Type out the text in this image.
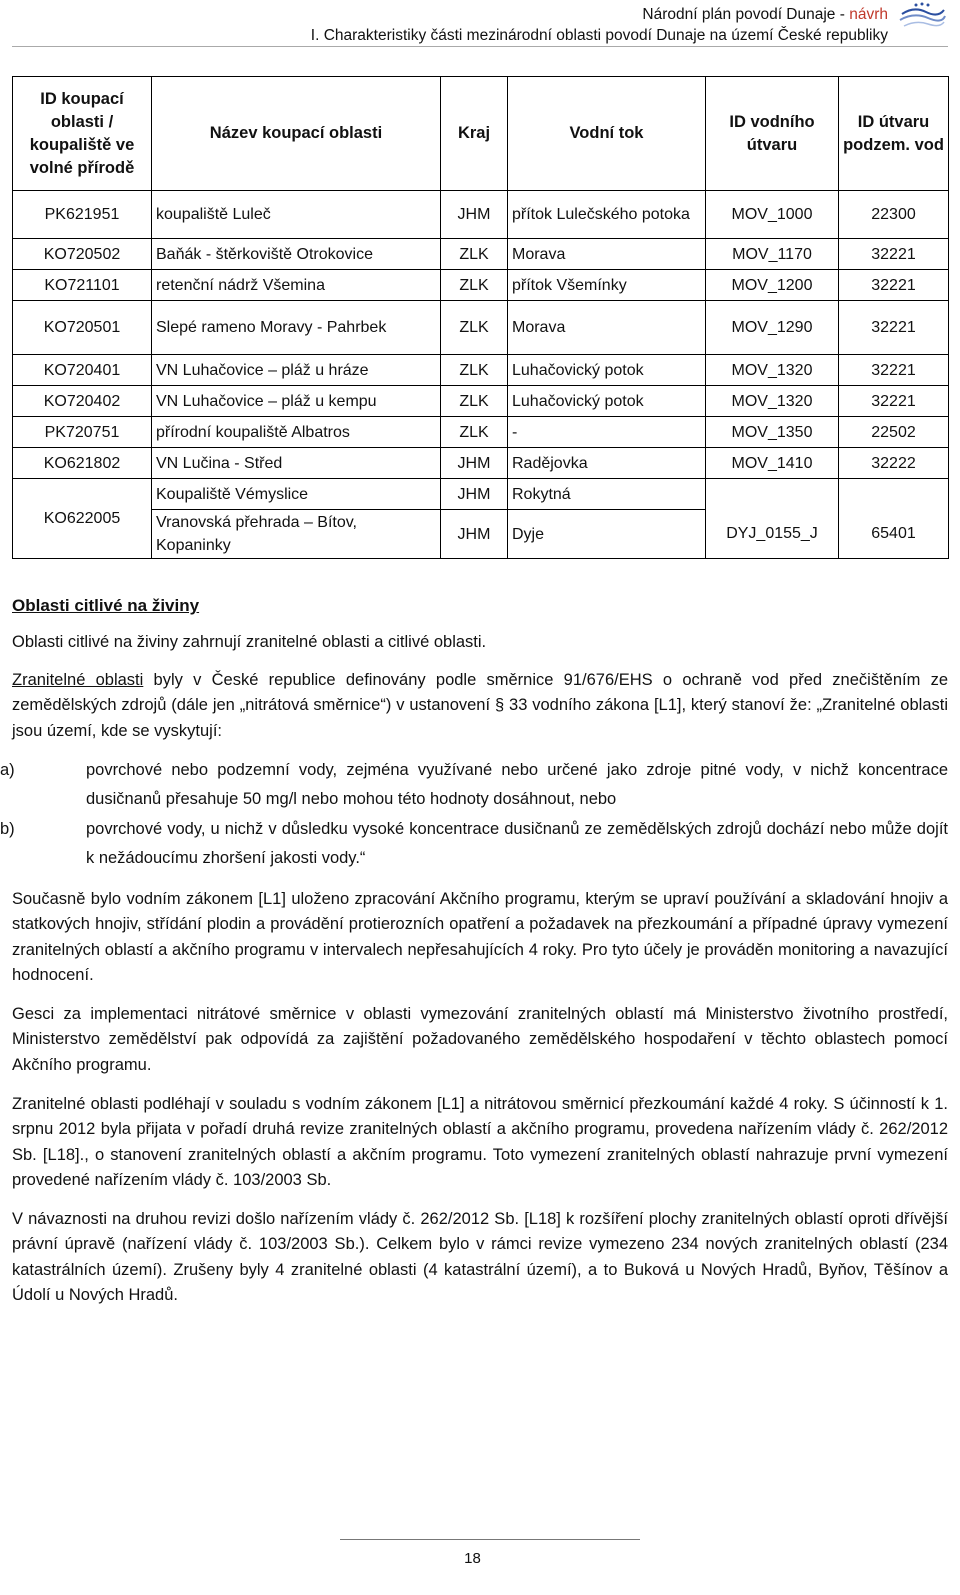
Národní plán povodí Dunaje - návrh
I. Charakteristiky části mezinárodní oblasti povodí Dunaje na území České republiky
ID koupací oblasti / koupaliště ve volné přírodě	Název koupací oblasti	Kraj	Vodní tok	ID vodního útvaru	ID útvaru podzem. vod
PK621951	koupaliště Luleč	JHM	přítok Lulečského potoka	MOV_1000	22300
KO720502	Baňák - štěrkoviště Otrokovice	ZLK	Morava	MOV_1170	32221
KO721101	retenční nádrž Všemina	ZLK	přítok Všemínky	MOV_1200	32221
KO720501	Slepé rameno Moravy - Pahrbek	ZLK	Morava	MOV_1290	32221
KO720401	VN Luhačovice – pláž u hráze	ZLK	Luhačovický potok	MOV_1320	32221
KO720402	VN Luhačovice – pláž u kempu	ZLK	Luhačovický potok	MOV_1320	32221
PK720751	přírodní koupaliště Albatros	ZLK	-	MOV_1350	22502
KO621802	VN Lučina - Střed	JHM	Radějovka	MOV_1410	32222
KO622005	Koupaliště Vémyslice	JHM	Rokytná		
	Vranovská přehrada – Bítov, Kopaninky	JHM	Dyje	DYJ_0155_J	65401
Oblasti citlivé na živiny

Oblasti citlivé na živiny zahrnují zranitelné oblasti a citlivé oblasti.

Zranitelné oblasti byly v České republice definovány podle směrnice 91/676/EHS o ochraně vod před znečištěním ze zemědělských zdrojů (dále jen „nitrátová směrnice“) v ustanovení § 33 vodního zákona [L1], který stanoví že: „Zranitelné oblasti jsou území, kde se vyskytují:

a)	povrchové nebo podzemní vody, zejména využívané nebo určené jako zdroje pitné vody, v nichž koncentrace dusičnanů přesahuje 50 mg/l nebo mohou této hodnoty dosáhnout, nebo
b)	povrchové vody, u nichž v důsledku vysoké koncentrace dusičnanů ze zemědělských zdrojů dochází nebo může dojít k nežádoucímu zhoršení jakosti vody.“

Současně bylo vodním zákonem [L1] uloženo zpracování Akčního programu, kterým se upraví používání a skladování hnojiv a statkových hnojiv, střídání plodin a provádění protierozních opatření a požadavek na přezkoumání a případné úpravy vymezení zranitelných oblastí a akčního programu v intervalech nepřesahujících 4 roky. Pro tyto účely je prováděn monitoring a navazující hodnocení.

Gesci za implementaci nitrátové směrnice v oblasti vymezování zranitelných oblastí má Ministerstvo životního prostředí, Ministerstvo zemědělství pak odpovídá za zajištění požadovaného zemědělského hospodaření v těchto oblastech pomocí Akčního programu.

Zranitelné oblasti podléhají v souladu s vodním zákonem [L1] a nitrátovou směrnicí přezkoumání každé 4 roky. S účinností k 1. srpnu 2012 byla přijata v pořadí druhá revize zranitelných oblastí a akčního programu, provedena nařízením vlády č. 262/2012 Sb. [L18]., o stanovení zranitelných oblastí a akčním programu. Toto vymezení zranitelných oblastí nahrazuje první vymezení provedené nařízením vlády č. 103/2003 Sb.

V návaznosti na druhou revizi došlo nařízením vlády č. 262/2012 Sb. [L18] k rozšíření plochy zranitelných oblastí oproti dřívější právní úpravě (nařízení vlády č. 103/2003 Sb.). Celkem bylo v rámci revize vymezeno 234 nových zranitelných oblastí (234 katastrálních území). Zrušeny byly 4 zranitelné oblasti (4 katastrální území), a to Buková u Nových Hradů, Byňov, Těšínov a Údolí u Nových Hradů.

18
